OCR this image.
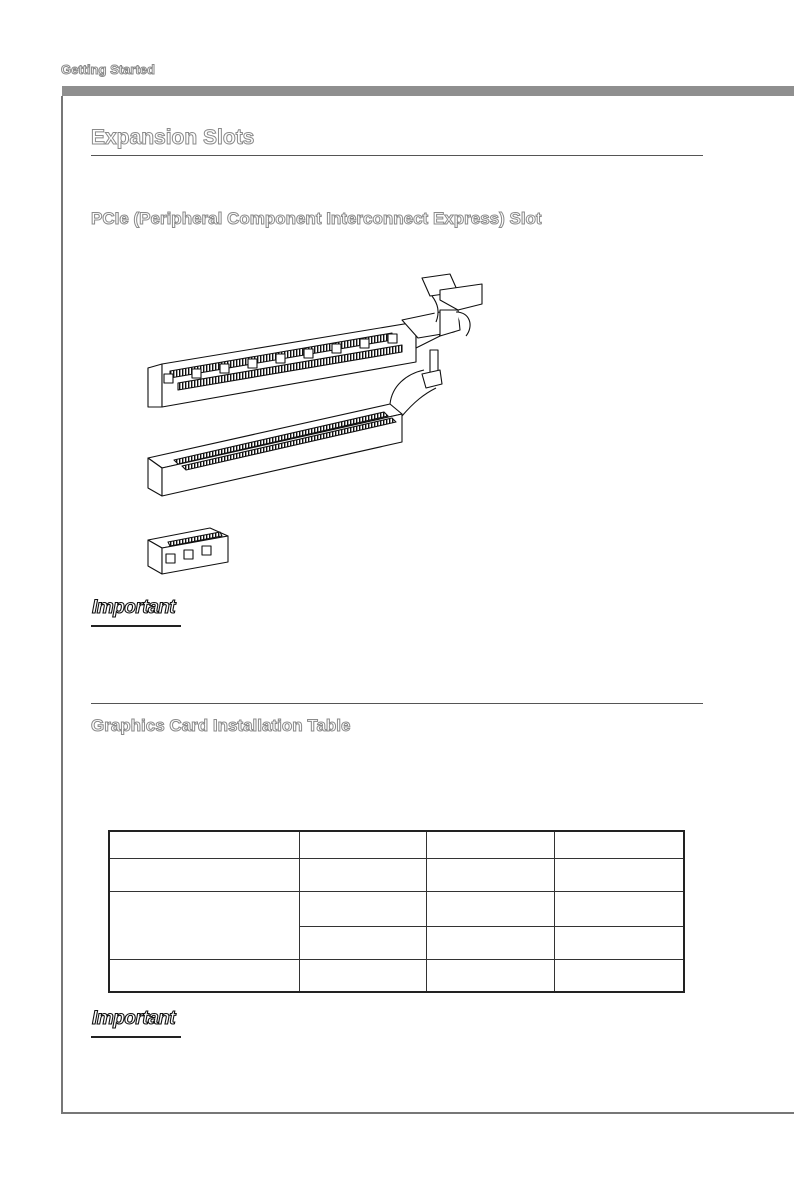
Getting Started
Expansion Slots
PCIe (Peripheral Component Interconnect Express) Slot
Important
Graphics Card Installation Table

Important
